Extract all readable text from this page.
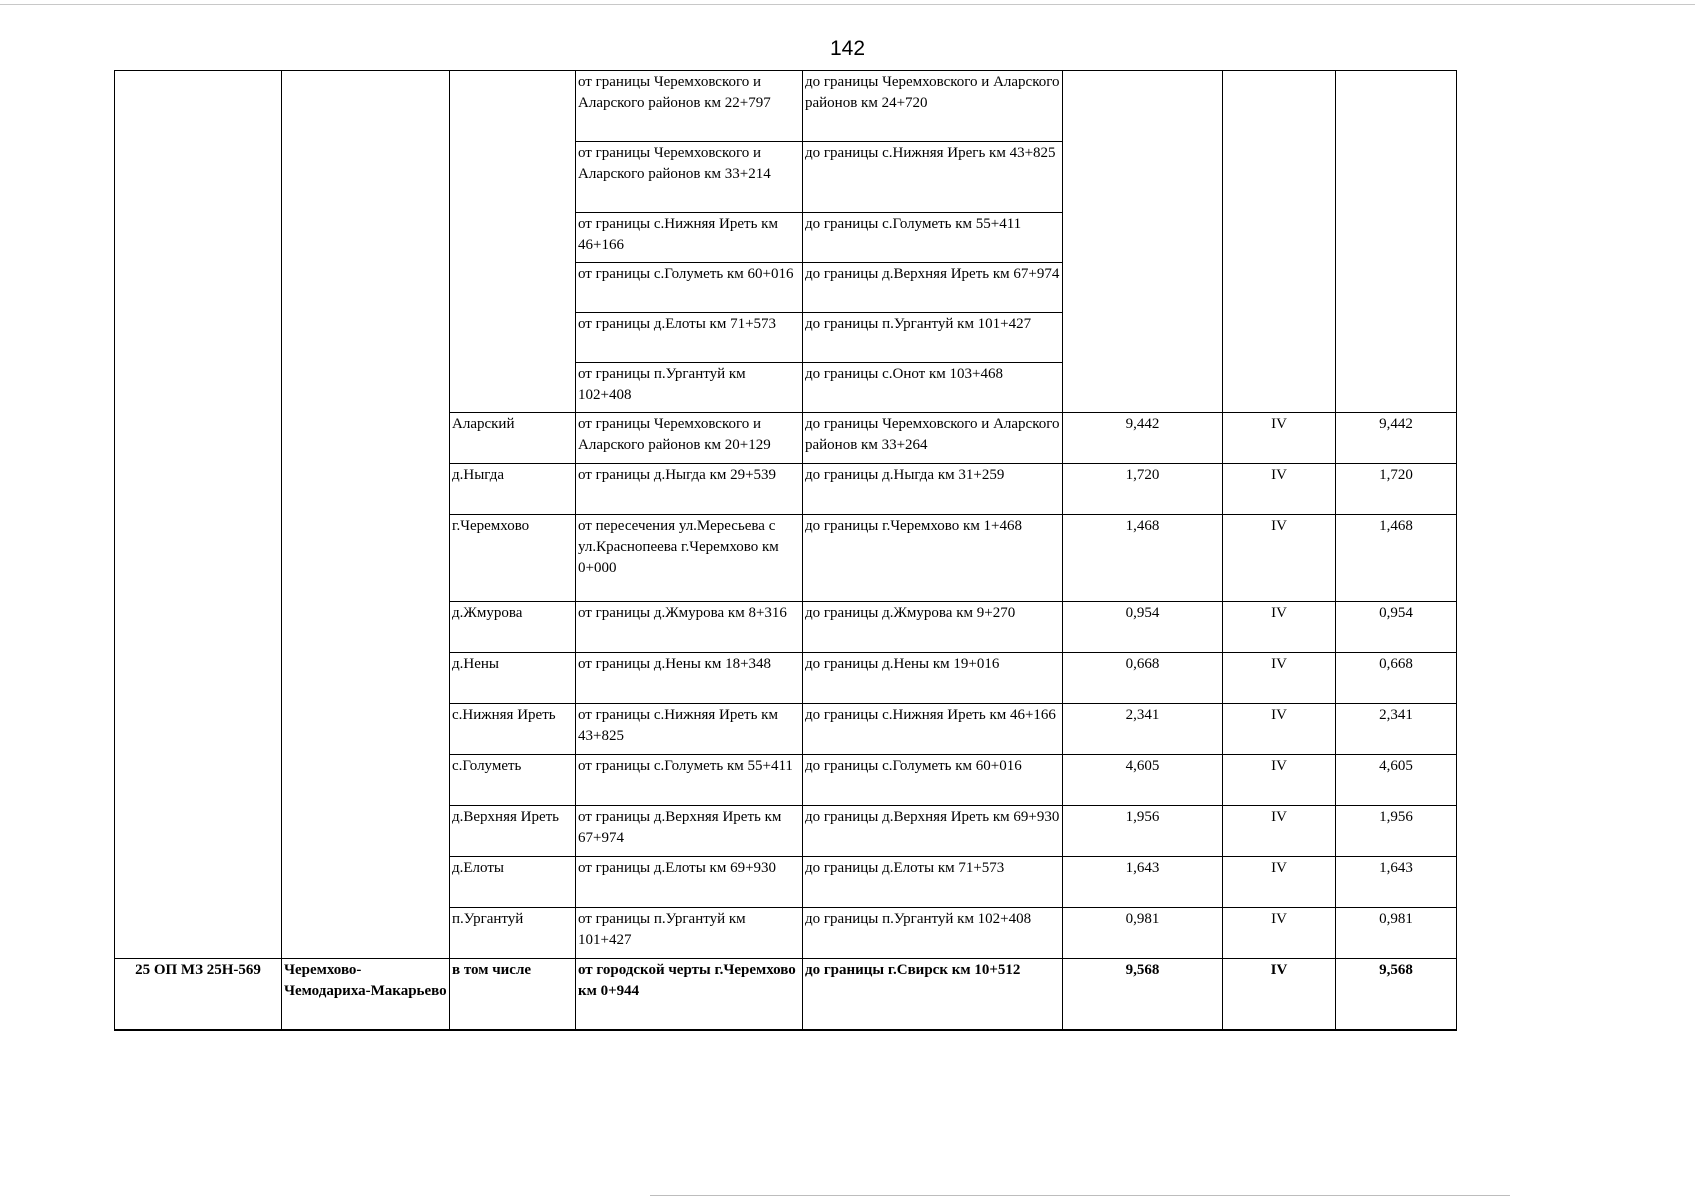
142
			от границы Черемховского и Аларского районов км 22+797	до границы Черемховского и Аларского районов км 24+720			
			от границы Черемховского и Аларского районов км 33+214	до границы с.Нижняя Ирегь км 43+825			
			от границы с.Нижняя Иреть км 46+166	до границы с.Голуметь км 55+411			
			от границы с.Голуметь км 60+016	до границы д.Верхняя Иреть км 67+974			
			от границы д.Елоты км 71+573	до границы п.Ургантуй км 101+427			
			от границы п.Ургантуй км 102+408	до границы с.Онот км 103+468			
		Аларский	от границы Черемховского и Аларского районов км 20+129	до границы Черемховского и Аларского районов км 33+264	9,442	IV	9,442
		д.Ныгда	от границы д.Ныгда км 29+539	до границы д.Ныгда км 31+259	1,720	IV	1,720
		г.Черемхово	от пересечения ул.Мересьева с ул.Краснопеева г.Черемхово км 0+000	до границы г.Черемхово км 1+468	1,468	IV	1,468
		д.Жмурова	от границы д.Жмурова км 8+316	до границы д.Жмурова км 9+270	0,954	IV	0,954
		д.Нены	от границы д.Нены км 18+348	до границы д.Нены км 19+016	0,668	IV	0,668
		с.Нижняя Иреть	от границы с.Нижняя Иреть км 43+825	до границы с.Нижняя Иреть км 46+166	2,341	IV	2,341
		с.Голуметь	от границы с.Голуметь км 55+411	до границы с.Голуметь км 60+016	4,605	IV	4,605
		д.Верхняя Иреть	от границы д.Верхняя Иреть км 67+974	до границы д.Верхняя Иреть км 69+930	1,956	IV	1,956
		д.Елоты	от границы д.Елоты км 69+930	до границы д.Елоты км 71+573	1,643	IV	1,643
		п.Ургантуй	от границы п.Ургантуй км 101+427	до границы п.Ургантуй км 102+408	0,981	IV	0,981
25 ОП МЗ 25Н-569	Черемхово-Чемодариха-Макарьево	в том числе	от городской черты г.Черемхово км 0+944	до границы г.Свирск км 10+512	9,568	IV	9,568
